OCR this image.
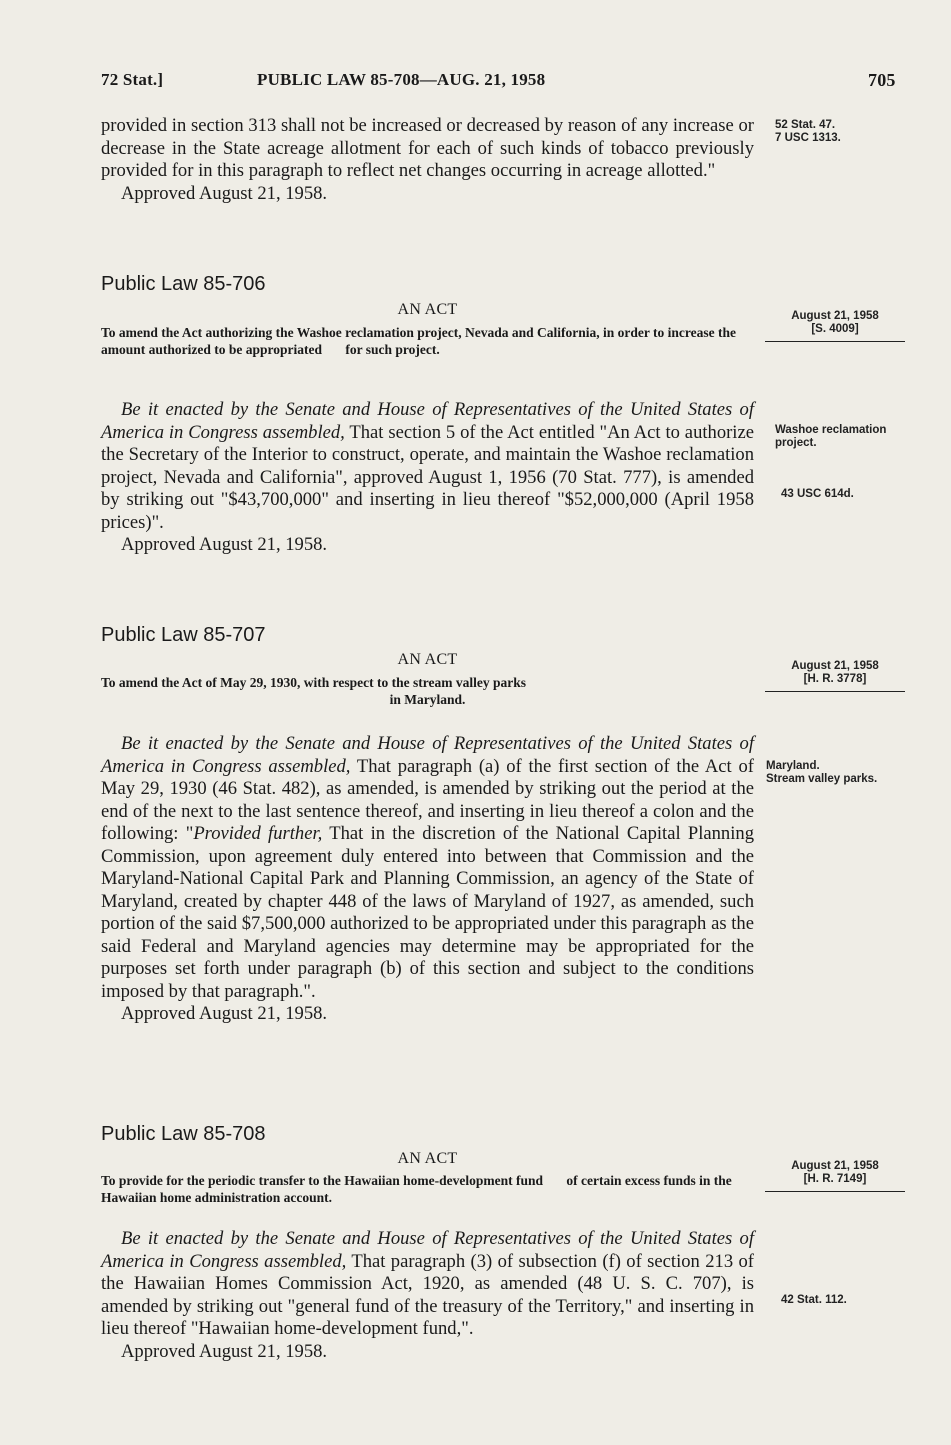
72 Stat.]	PUBLIC LAW 85-708—AUG. 21, 1958	705

provided in section 313 shall not be increased or decreased by reason of any increase or decrease in the State acreage allotment for each of such kinds of tobacco previously provided for in this paragraph to reflect net changes occurring in acreage allotted."

Approved August 21, 1958.

52 Stat. 47.
7 USC 1313.
Public Law 85-706
AN ACT
To amend the Act authorizing the Washoe reclamation project, Nevada and California, in order to increase the amount authorized to be appropriated for such project.
August 21, 1958
[S. 4009]

Be it enacted by the Senate and House of Representatives of the United States of America in Congress assembled, That section 5 of the Act entitled "An Act to authorize the Secretary of the Interior to construct, operate, and maintain the Washoe reclamation project, Nevada and California", approved August 1, 1956 (70 Stat. 777), is amended by striking out "$43,700,000" and inserting in lieu thereof "$52,000,000 (April 1958 prices)".

Approved August 21, 1958.

Washoe reclamation project.
43 USC 614d.
Public Law 85-707
AN ACT
To amend the Act of May 29, 1930, with respect to the stream valley parks
in Maryland.
August 21, 1958
[H. R. 3778]

Be it enacted by the Senate and House of Representatives of the United States of America in Congress assembled, That paragraph (a) of the first section of the Act of May 29, 1930 (46 Stat. 482), as amended, is amended by striking out the period at the end of the next to the last sentence thereof, and inserting in lieu thereof a colon and the following: "Provided further, That in the discretion of the National Capital Planning Commission, upon agreement duly entered into between that Commission and the Maryland-National Capital Park and Planning Commission, an agency of the State of Maryland, created by chapter 448 of the laws of Maryland of 1927, as amended, such portion of the said $7,500,000 authorized to be appropriated under this paragraph as the said Federal and Maryland agencies may determine may be appropriated for the purposes set forth under paragraph (b) of this section and subject to the conditions imposed by that paragraph.".

Approved August 21, 1958.

Maryland.
Stream valley parks.
Public Law 85-708
AN ACT
To provide for the periodic transfer to the Hawaiian home-development fund of certain excess funds in the Hawaiian home administration account.
August 21, 1958
[H. R. 7149]

Be it enacted by the Senate and House of Representatives of the United States of America in Congress assembled, That paragraph (3) of subsection (f) of section 213 of the Hawaiian Homes Commission Act, 1920, as amended (48 U. S. C. 707), is amended by striking out "general fund of the treasury of the Territory," and inserting in lieu thereof "Hawaiian home-development fund,".

Approved August 21, 1958.

42 Stat. 112.
